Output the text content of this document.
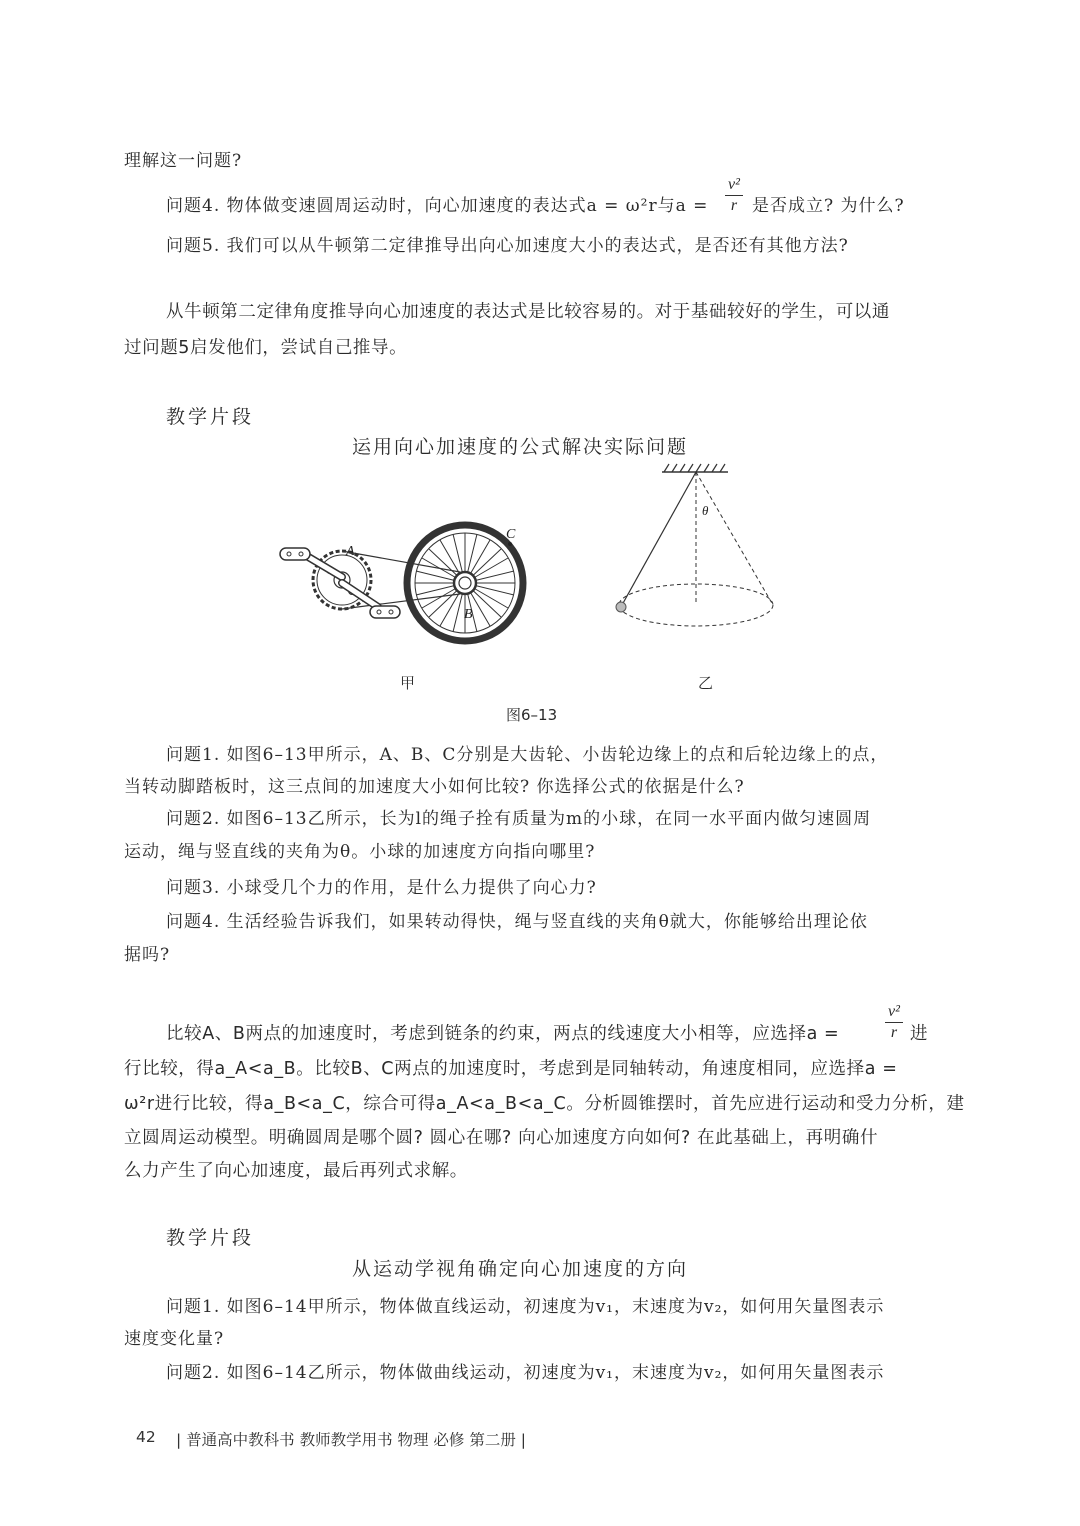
理解这一问题?
问题4. 物体做变速圆周运动时，向心加速度的表达式a = ω²r与a =
v²
r 是否成立? 为什么?
问题5. 我们可以从牛顿第二定律推导出向心加速度大小的表达式，是否还有其他方法?
从牛顿第二定律角度推导向心加速度的表达式是比较容易的。对于基础较好的学生，可以通
过问题5启发他们，尝试自己推导。
教学片段
运用向心加速度的公式解决实际问题
A
B
C
θ
甲	乙
图6–13
问题1. 如图6–13甲所示，A、B、C分别是大齿轮、小齿轮边缘上的点和后轮边缘上的点，
当转动脚踏板时，这三点间的加速度大小如何比较? 你选择公式的依据是什么?
问题2. 如图6–13乙所示，长为l的绳子拴有质量为m的小球，在同一水平面内做匀速圆周
运动，绳与竖直线的夹角为θ。小球的加速度方向指向哪里?
问题3. 小球受几个力的作用，是什么力提供了向心力?
问题4. 生活经验告诉我们，如果转动得快，绳与竖直线的夹角θ就大，你能够给出理论依
据吗?
比较A、B两点的加速度时，考虑到链条的约束，两点的线速度大小相等，应选择a =
v²
r 进
行比较，得a_A<a_B。比较B、C两点的加速度时，考虑到是同轴转动，角速度相同，应选择a =
ω²r进行比较，得a_B<a_C，综合可得a_A<a_B<a_C。分析圆锥摆时，首先应进行运动和受力分析，建
立圆周运动模型。明确圆周是哪个圆? 圆心在哪? 向心加速度方向如何? 在此基础上，再明确什
么力产生了向心加速度，最后再列式求解。
教学片段
从运动学视角确定向心加速度的方向
问题1. 如图6–14甲所示，物体做直线运动，初速度为v₁，末速度为v₂，如何用矢量图表示
速度变化量?
问题2. 如图6–14乙所示，物体做曲线运动，初速度为v₁，末速度为v₂，如何用矢量图表示
42 | 普通高中教科书 教师教学用书 物理 必修 第二册 |
